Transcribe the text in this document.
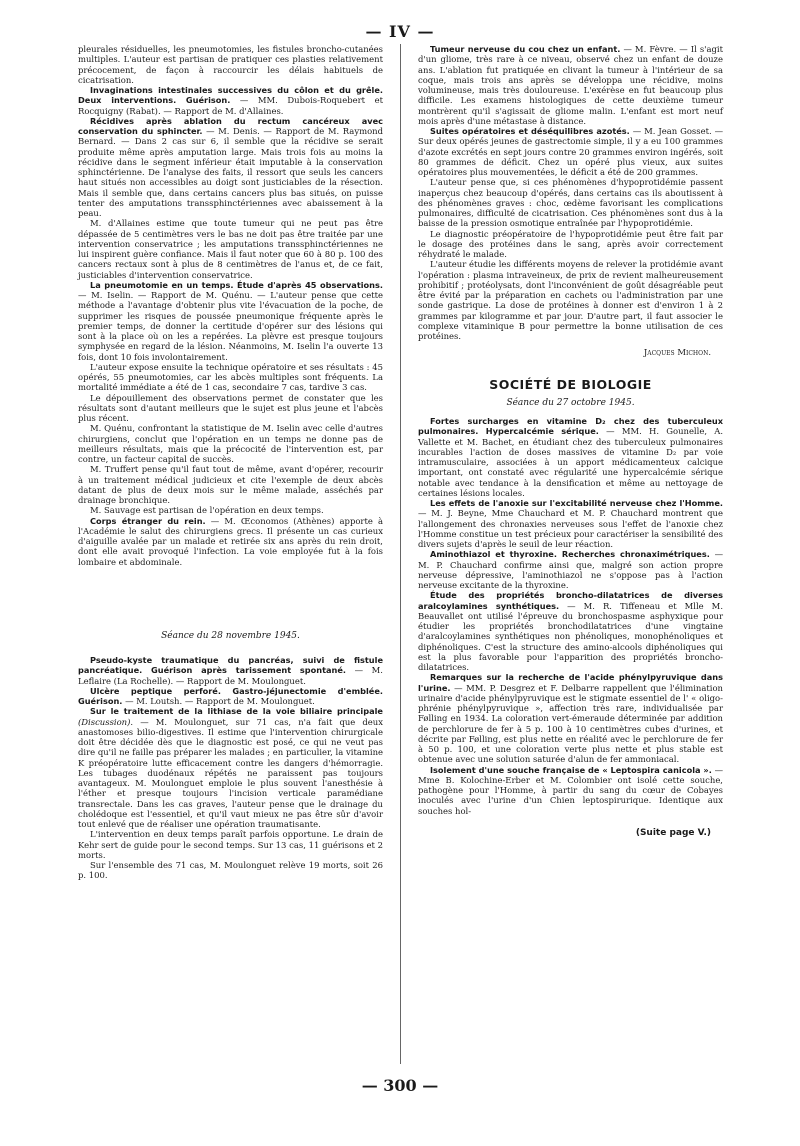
— IV —

pleurales résiduelles, les pneumotomies, les fistules broncho-cutanées multiples. L'auteur est partisan de pratiquer ces plasties relativement précocement, de façon à raccourcir les délais habituels de cicatrisation.

Invaginations intestinales successives du côlon et du grêle. Deux interventions. Guérison. — MM. Dubois-Roquebert et Rocquigny (Rabat). — Rapport de M. d'Allaines.

Récidives après ablation du rectum cancéreux avec conservation du sphincter. — M. Denis. — Rapport de M. Raymond Bernard. — Dans 2 cas sur 6, il semble que la récidive se serait produite même après amputation large. Mais trois fois au moins la récidive dans le segment inférieur était imputable à la conservation sphinctérienne. De l'analyse des faits, il ressort que seuls les cancers haut situés non accessibles au doigt sont justiciables de la résection. Mais il semble que, dans certains cancers plus bas situés, on puisse tenter des amputations transsphinctériennes avec abaissement à la peau.

M. d'Allaines estime que toute tumeur qui ne peut pas être dépassée de 5 centimètres vers le bas ne doit pas être traitée par une intervention conservatrice ; les amputations transsphinctériennes ne lui inspirent guère confiance. Mais il faut noter que 60 à 80 p. 100 des cancers rectaux sont à plus de 8 centimètres de l'anus et, de ce fait, justiciables d'intervention conservatrice.

La pneumotomie en un temps. Étude d'après 45 observations. — M. Iselin. — Rapport de M. Quénu. — L'auteur pense que cette méthode a l'avantage d'obtenir plus vite l'évacuation de la poche, de supprimer les risques de poussée pneumonique fréquente après le premier temps, de donner la certitude d'opérer sur des lésions qui sont à la place où on les a repérées. La plèvre est presque toujours symphysée en regard de la lésion. Néanmoins, M. Iselin l'a ouverte 13 fois, dont 10 fois involontairement.

L'auteur expose ensuite la technique opératoire et ses résultats : 45 opérés, 55 pneumotomies, car les abcès multiples sont fréquents. La mortalité immédiate a été de 1 cas, secondaire 7 cas, tardive 3 cas.

Le dépouillement des observations permet de constater que les résultats sont d'autant meilleurs que le sujet est plus jeune et l'abcès plus récent.

M. Quénu, confrontant la statistique de M. Iselin avec celle d'autres chirurgiens, conclut que l'opération en un temps ne donne pas de meilleurs résultats, mais que la précocité de l'intervention est, par contre, un facteur capital de succès.

M. Truffert pense qu'il faut tout de même, avant d'opérer, recourir à un traitement médical judicieux et cite l'exemple de deux abcès datant de plus de deux mois sur le même malade, asséchés par drainage bronchique.

M. Sauvage est partisan de l'opération en deux temps.

Corps étranger du rein. — M. Œconomos (Athènes) apporte à l'Académie le salut des chirurgiens grecs. Il présente un cas curieux d'aiguille avalée par un malade et retirée six ans après du rein droit, dont elle avait provoqué l'infection. La voie employée fut à la fois lombaire et abdominale.

Séance du 28 novembre 1945.

Pseudo-kyste traumatique du pancréas, suivi de fistule pancréatique. Guérison après tarissement spontané. — M. Leflaire (La Rochelle). — Rapport de M. Moulonguet.

Ulcère peptique perforé. Gastro-jéjunectomie d'emblée. Guérison. — M. Loutsh. — Rapport de M. Moulonguet.

Sur le traitement de la lithiase de la voie biliaire principale (Discussion). — M. Moulonguet, sur 71 cas, n'a fait que deux anastomoses bilio-digestives. Il estime que l'intervention chirurgicale doit être décidée dès que le diagnostic est posé, ce qui ne veut pas dire qu'il ne faille pas préparer les malades ; en particulier, la vitamine K préopératoire lutte efficacement contre les dangers d'hémorragie. Les tubages duodénaux répétés ne paraissent pas toujours avantageux. M. Moulonguet emploie le plus souvent l'anesthésie à l'éther et presque toujours l'incision verticale paramédiane transrectale. Dans les cas graves, l'auteur pense que le drainage du cholédoque est l'essentiel, et qu'il vaut mieux ne pas être sûr d'avoir tout enlevé que de réaliser une opération traumatisante.

L'intervention en deux temps paraît parfois opportune. Le drain de Kehr sert de guide pour le second temps. Sur 13 cas, 11 guérisons et 2 morts.

Sur l'ensemble des 71 cas, M. Moulonguet relève 19 morts, soit 26 p. 100.

Tumeur nerveuse du cou chez un enfant. — M. Fèvre. — Il s'agit d'un gliome, très rare à ce niveau, observé chez un enfant de douze ans. L'ablation fut pratiquée en clivant la tumeur à l'intérieur de sa coque, mais trois ans après se développa une récidive, moins volumineuse, mais très douloureuse. L'exérèse en fut beaucoup plus difficile. Les examens histologiques de cette deuxième tumeur montrèrent qu'il s'agissait de gliome malin. L'enfant est mort neuf mois après d'une métastase à distance.

Suites opératoires et déséquilibres azotés. — M. Jean Gosset. — Sur deux opérés jeunes de gastrectomie simple, il y a eu 100 grammes d'azote excrétés en sept jours contre 20 grammes environ ingérés, soit 80 grammes de déficit. Chez un opéré plus vieux, aux suites opératoires plus mouvementées, le déficit a été de 200 grammes.

L'auteur pense que, si ces phénomènes d'hypoprotidémie passent inaperçus chez beaucoup d'opérés, dans certains cas ils aboutissent à des phénomènes graves : choc, œdème favorisant les complications pulmonaires, difficulté de cicatrisation. Ces phénomènes sont dus à la baisse de la pression osmotique entraînée par l'hypoprotidémie.

Le diagnostic préopératoire de l'hypoprotidémie peut être fait par le dosage des protéines dans le sang, après avoir correctement réhydraté le malade.

L'auteur étudie les différents moyens de relever la protidémie avant l'opération : plasma intraveineux, de prix de revient malheureusement prohibitif ; protéolysats, dont l'inconvénient de goût désagréable peut être évité par la préparation en cachets ou l'administration par une sonde gastrique. La dose de protéines à donner est d'environ 1 à 2 grammes par kilogramme et par jour. D'autre part, il faut associer le complexe vitaminique B pour permettre la bonne utilisation de ces protéines.

Jacques Michon.

SOCIÉTÉ DE BIOLOGIE

Séance du 27 octobre 1945.

Fortes surcharges en vitamine D₂ chez des tuberculeux pulmonaires. Hypercalcémie sérique. — MM. H. Gounelle, A. Vallette et M. Bachet, en étudiant chez des tuberculeux pulmonaires incurables l'action de doses massives de vitamine D₂ par voie intramusculaire, associées à un apport médicamenteux calcique important, ont constaté avec régularité une hypercalcémie sérique notable avec tendance à la densification et même au nettoyage de certaines lésions locales.

Les effets de l'anoxie sur l'excitabilité nerveuse chez l'Homme. — M. J. Beyne, Mme Chauchard et M. P. Chauchard montrent que l'allongement des chronaxies nerveuses sous l'effet de l'anoxie chez l'Homme constitue un test précieux pour caractériser la sensibilité des divers sujets d'après le seuil de leur réaction.

Aminothiazol et thyroxine. Recherches chronaximétriques. — M. P. Chauchard confirme ainsi que, malgré son action propre nerveuse dépressive, l'aminothiazol ne s'oppose pas à l'action nerveuse excitante de la thyroxine.

Étude des propriétés broncho-dilatatrices de diverses aralcoylamines synthétiques. — M. R. Tiffeneau et Mlle M. Beauvallet ont utilisé l'épreuve du bronchospasme asphyxique pour étudier les propriétés bronchodilatatrices d'une vingtaine d'aralcoylamines synthétiques non phénoliques, monophénoliques et diphénoliques. C'est la structure des amino-alcools diphénoliques qui est la plus favorable pour l'apparition des propriétés broncho-dilatatrices.

Remarques sur la recherche de l'acide phénylpyruvique dans l'urine. — MM. P. Desgrez et F. Delbarre rappellent que l'élimination urinaire d'acide phénylpyruvique est le stigmate essentiel de l' « oligo-phrénie phénylpyruvique », affection très rare, individualisée par Følling en 1934. La coloration vert-émeraude déterminée par addition de perchlorure de fer à 5 p. 100 à 10 centimètres cubes d'urines, et décrite par Følling, est plus nette en réalité avec le perchlorure de fer à 50 p. 100, et une coloration verte plus nette et plus stable est obtenue avec une solution saturée d'alun de fer ammoniacal.

Isolement d'une souche française de « Leptospira canicola ». — Mme B. Kolochine-Erber et M. Colombier ont isolé cette souche, pathogène pour l'Homme, à partir du sang du cœur de Cobayes inoculés avec l'urine d'un Chien leptospirurique. Identique aux souches hol-

(Suite page V.)

— 300 —
